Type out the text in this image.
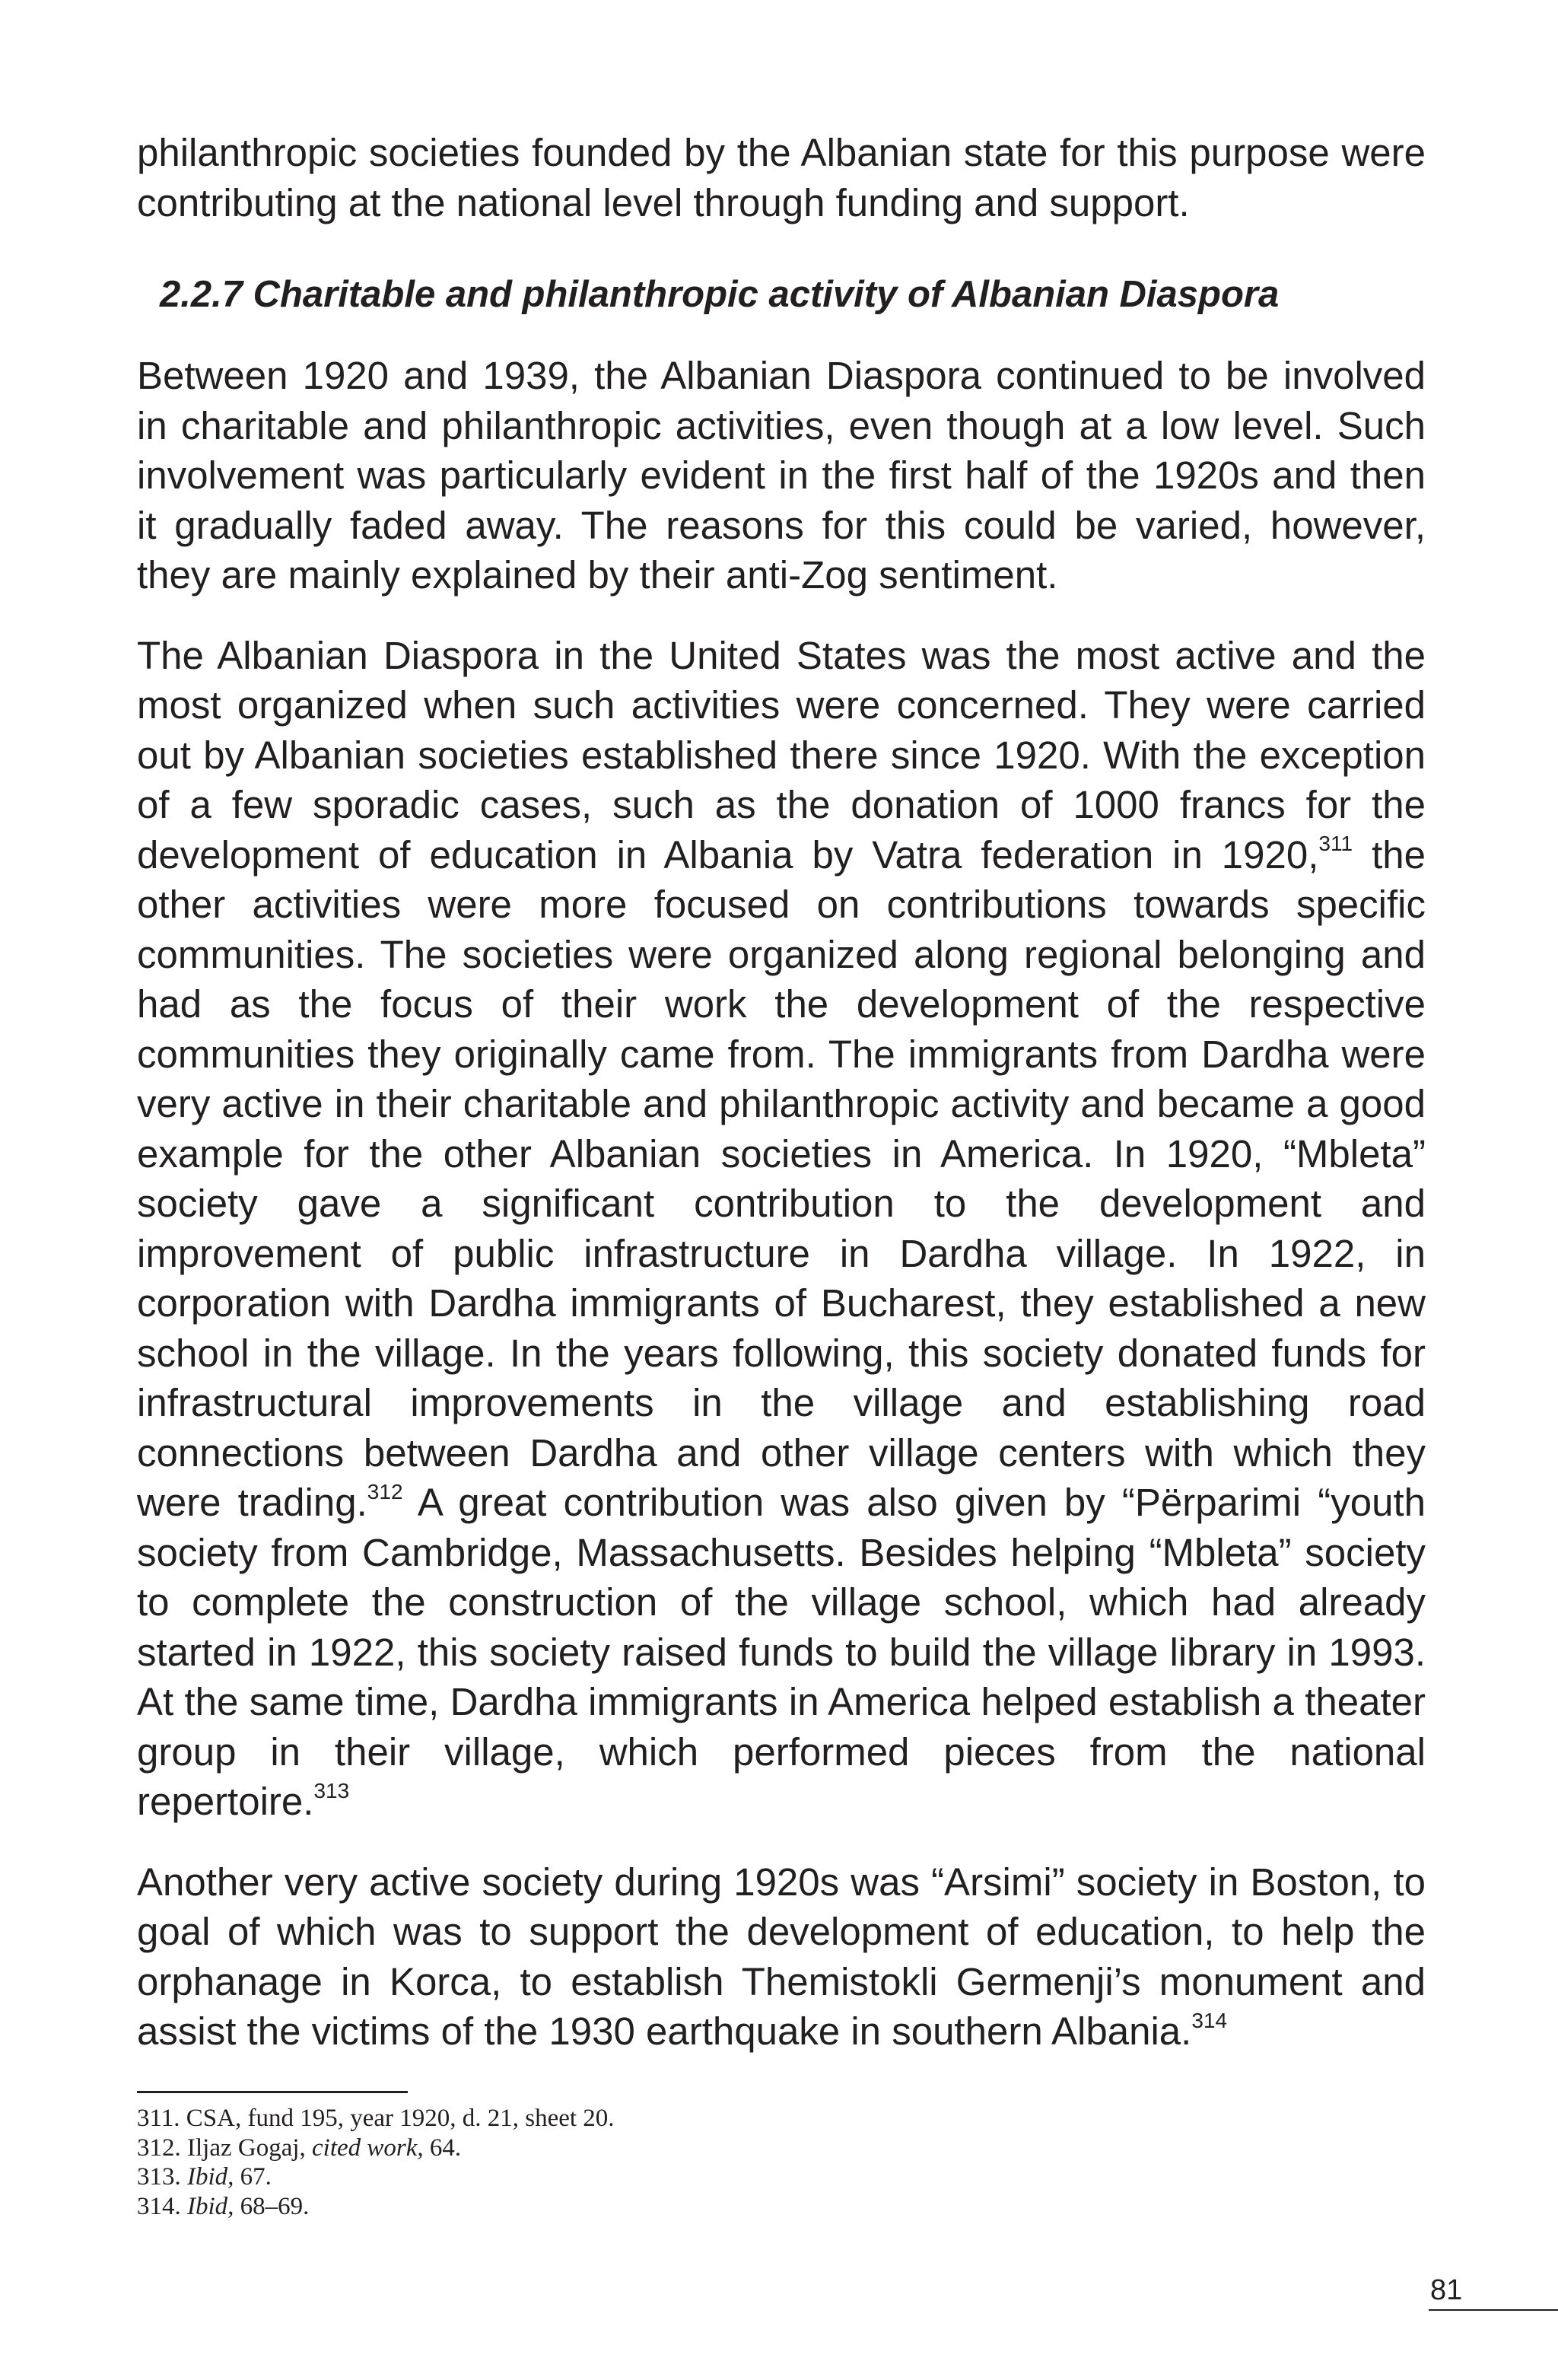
philanthropic societies founded by the Albanian state for this purpose were contributing at the national level through funding and support.

2.2.7 Charitable and philanthropic activity of Albanian Diaspora

Between 1920 and 1939, the Albanian Diaspora continued to be involved in charitable and philanthropic activities, even though at a low level. Such involvement was particularly evident in the first half of the 1920s and then it gradually faded away. The reasons for this could be varied, however, they are mainly explained by their anti-Zog sentiment.

The Albanian Diaspora in the United States was the most active and the most organized when such activities were concerned. They were carried out by Albanian societies established there since 1920. With the exception of a few sporadic cases, such as the donation of 1000 francs for the development of education in Albania by Vatra federation in 1920,$^{311}$ the other activities were more focused on contributions towards specific communities. The societies were organized along regional belonging and had as the focus of their work the development of the respective communities they originally came from. The immigrants from Dardha were very active in their charitable and philanthropic activity and became a good example for the other Albanian societies in America. In 1920, “Mbleta” society gave a significant contribution to the development and improvement of public infrastructure in Dardha village. In 1922, in corporation with Dardha immigrants of Bucharest, they established a new school in the village. In the years following, this society donated funds for infrastructural improvements in the village and establishing road connections between Dardha and other village centers with which they were trading.$^{312}$ A great contribution was also given by “Përparimi “youth society from Cambridge, Massachusetts. Besides helping “Mbleta” society to complete the construction of the village school, which had already started in 1922, this society raised funds to build the village library in 1993. At the same time, Dardha immigrants in America helped establish a theater group in their village, which performed pieces from the national repertoire.$^{313}$

Another very active society during 1920s was “Arsimi” society in Boston, to goal of which was to support the development of education, to help the orphanage in Korca, to establish Themistokli Germenji’s monument and assist the victims of the 1930 earthquake in southern Albania.$^{314}$

311. CSA, fund 195, year 1920, d. 21, sheet 20.

312. Iljaz Gogaj, cited work, 64.

313. Ibid, 67.

314. Ibid, 68–69.

81
